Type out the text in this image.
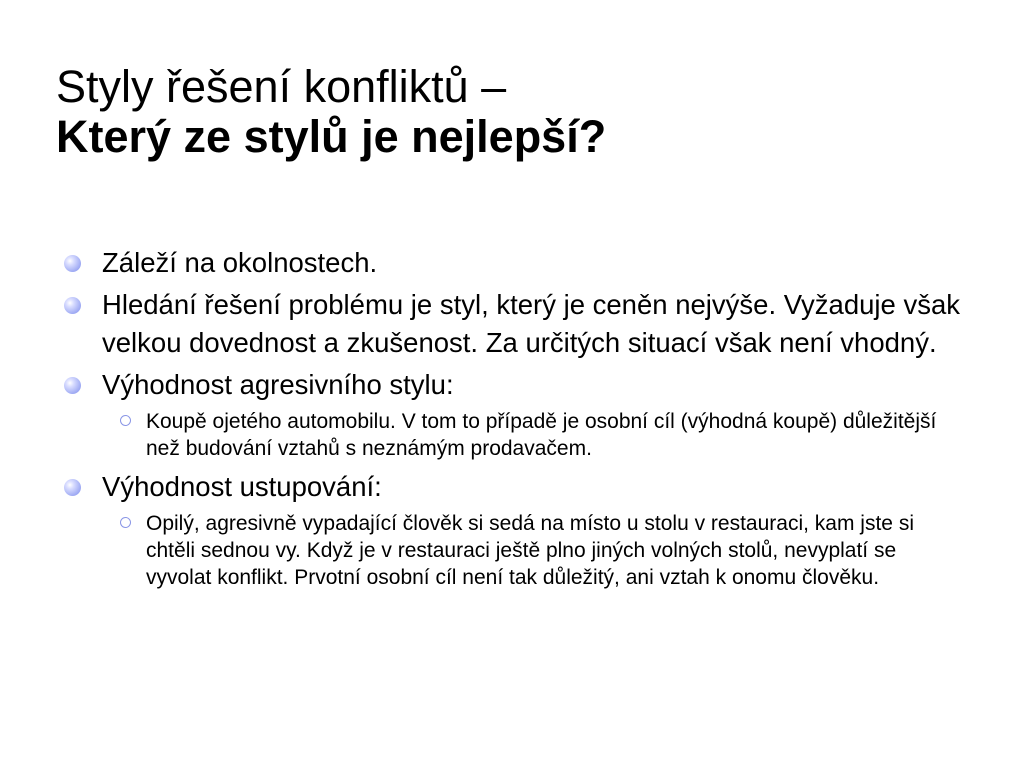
Styly řešení konfliktů –
Který ze stylů je nejlepší?
Záleží na okolnostech.
Hledání řešení problému je styl, který je ceněn nejvýše. Vyžaduje však velkou dovednost a zkušenost. Za určitých situací však není vhodný.
Výhodnost agresivního stylu:
Koupě ojetého automobilu. V tom to případě je osobní cíl (výhodná koupě) důležitější než budování vztahů s neznámým prodavačem.
Výhodnost ustupování:
Opilý, agresivně vypadající člověk si sedá na místo u stolu v restauraci, kam jste si chtěli sednou vy. Když je v restauraci ještě plno jiných volných stolů, nevyplatí se vyvolat konflikt. Prvotní osobní cíl není tak důležitý, ani vztah k onomu člověku.
